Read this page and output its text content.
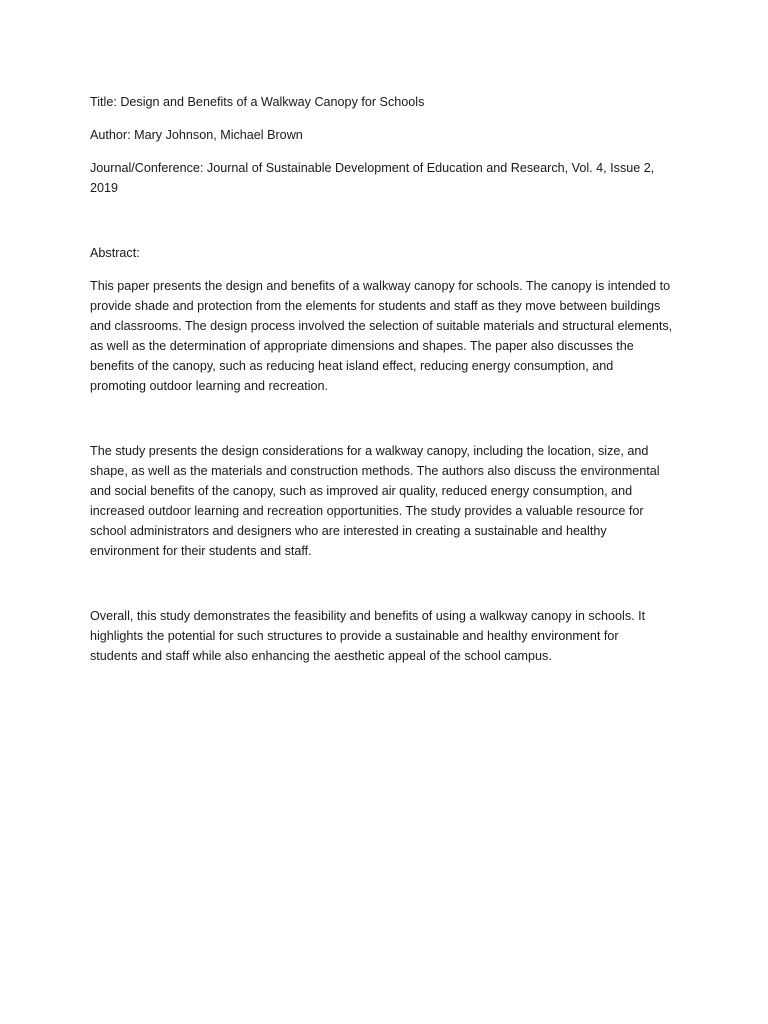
Title: Design and Benefits of a Walkway Canopy for Schools

Author: Mary Johnson, Michael Brown

Journal/Conference: Journal of Sustainable Development of Education and Research, Vol. 4, Issue 2,

2019

Abstract:

This paper presents the design and benefits of a walkway canopy for schools. The canopy is intended to

provide shade and protection from the elements for students and staff as they move between buildings

and classrooms. The design process involved the selection of suitable materials and structural elements,

as well as the determination of appropriate dimensions and shapes. The paper also discusses the

benefits of the canopy, such as reducing heat island effect, reducing energy consumption, and

promoting outdoor learning and recreation.

The study presents the design considerations for a walkway canopy, including the location, size, and

shape, as well as the materials and construction methods. The authors also discuss the environmental

and social benefits of the canopy, such as improved air quality, reduced energy consumption, and

increased outdoor learning and recreation opportunities. The study provides a valuable resource for

school administrators and designers who are interested in creating a sustainable and healthy

environment for their students and staff.

Overall, this study demonstrates the feasibility and benefits of using a walkway canopy in schools. It

highlights the potential for such structures to provide a sustainable and healthy environment for

students and staff while also enhancing the aesthetic appeal of the school campus.
